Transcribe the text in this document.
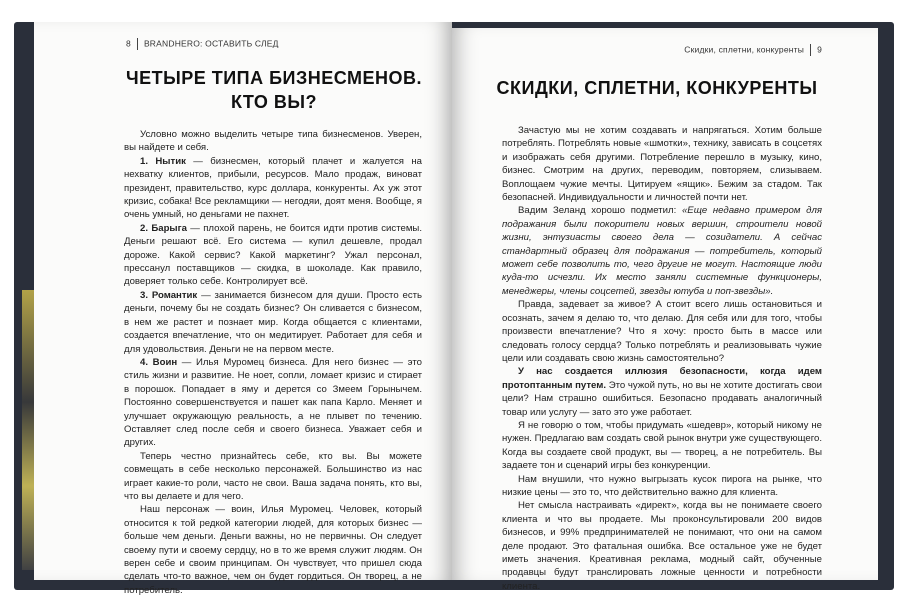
8 BRANDHERO: ОСТАВИТЬ СЛЕД
ЧЕТЫРЕ ТИПА БИЗНЕСМЕНОВ.
КТО ВЫ?

Условно можно выделить четыре типа бизнесменов. Уверен, вы найдете и себя.

1. Нытик — бизнесмен, который плачет и жалуется на нехватку клиентов, прибыли, ресурсов. Мало продаж, виноват президент, правительство, курс доллара, конкуренты. Ах уж этот кризис, собака! Все рекламщики — негодяи, доят меня. Вообще, я очень умный, но деньгами не пахнет.

2. Барыга — плохой парень, не боится идти против системы. Деньги решают всё. Его система — купил дешевле, продал дороже. Какой сервис? Какой маркетинг? Ужал персонал, прессанул поставщиков — скидка, в шоколаде. Как правило, доверяет только себе. Контролирует всё.

3. Романтик — занимается бизнесом для души. Просто есть деньги, почему бы не создать бизнес? Он сливается с бизнесом, в нем же растет и познает мир. Когда общается с клиентами, создается впечатление, что он медитирует. Работает для себя и для удовольствия. Деньги не на первом месте.

4. Воин — Илья Муромец бизнеса. Для него бизнес — это стиль жизни и развитие. Не ноет, сопли, ломает кризис и стирает в порошок. Попадает в яму и дерется со Змеем Горынычем. Постоянно совершенствуется и пашет как папа Карло. Меняет и улучшает окружающую реальность, а не плывет по течению. Оставляет след после себя и своего бизнеса. Уважает себя и других.

Теперь честно признайтесь себе, кто вы. Вы можете совмещать в себе несколько персонажей. Большинство из нас играет какие-то роли, часто не свои. Ваша задача понять, кто вы, что вы делаете и для чего.

Наш персонаж — воин, Илья Муромец. Человек, который относится к той редкой категории людей, для которых бизнес — больше чем деньги. Деньги важны, но не первичны. Он следует своему пути и своему сердцу, но в то же время служит людям. Он верен себе и своим принципам. Он чувствует, что пришел сюда сделать что-то важное, чем он будет гордиться. Он творец, а не потребитель.

Скидки, сплетни, конкуренты 9
СКИДКИ, СПЛЕТНИ, КОНКУРЕНТЫ

Зачастую мы не хотим создавать и напрягаться. Хотим больше потреблять. Потреблять новые «шмотки», технику, зависать в соцсетях и изображать себя другими. Потребление перешло в музыку, кино, бизнес. Смотрим на других, переводим, повторяем, слизываем. Воплощаем чужие мечты. Цитируем «ящик». Бежим за стадом. Так безопасней. Индивидуальности и личностей почти нет.

Вадим Зеланд хорошо подметил: «Еще недавно примером для подражания были покорители новых вершин, строители новой жизни, энтузиасты своего дела — созидатели. А сейчас стандартный образец для подражания — потребитель, который может себе позволить то, чего другие не могут. Настоящие люди куда-то исчезли. Их место заняли системные функционеры, менеджеры, члены соцсетей, звезды ютуба и поп-звезды».

Правда, задевает за живое? А стоит всего лишь остановиться и осознать, зачем я делаю то, что делаю. Для себя или для того, чтобы произвести впечатление? Что я хочу: просто быть в массе или следовать голосу сердца? Только потреблять и реализовывать чужие цели или создавать свою жизнь самостоятельно?

У нас создается иллюзия безопасности, когда идем протоптанным путем. Это чужой путь, но вы не хотите достигать свои цели? Нам страшно ошибиться. Безопасно продавать аналогичный товар или услугу — зато это уже работает.

Я не говорю о том, чтобы придумать «шедевр», который никому не нужен. Предлагаю вам создать свой рынок внутри уже существующего. Когда вы создаете свой продукт, вы — творец, а не потребитель. Вы задаете тон и сценарий игры без конкуренции.

Нам внушили, что нужно выгрызать кусок пирога на рынке, что низкие цены — это то, что действительно важно для клиента.

Нет смысла настраивать «директ», когда вы не понимаете своего клиента и что вы продаете. Мы проконсультировали 200 видов бизнесов, и 99% предпринимателей не понимают, что они на самом деле продают. Это фатальная ошибка. Все остальное уже не будет иметь значения. Креативная реклама, модный сайт, обученные продавцы будут транслировать ложные ценности и потребности клиента.
